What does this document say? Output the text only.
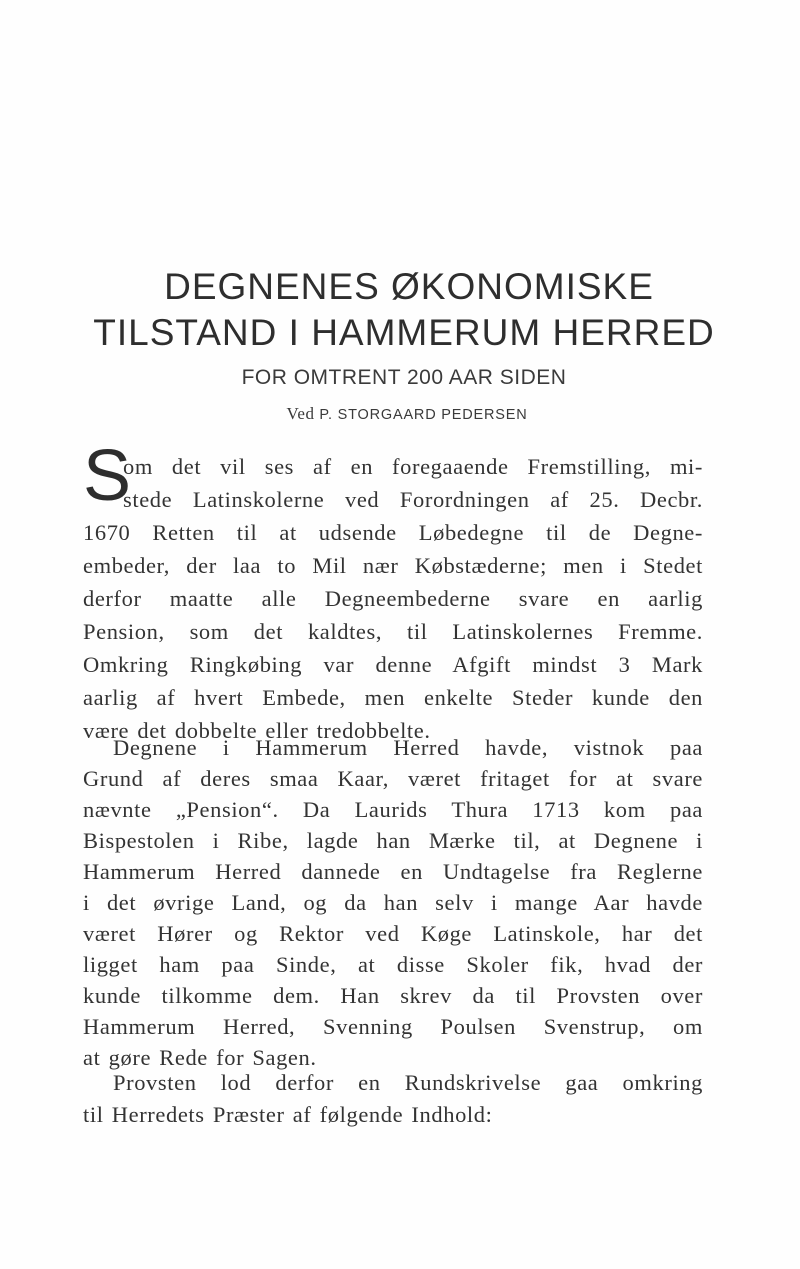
DEGNENES ØKONOMISKE
TILSTAND I HAMMERUM HERRED
FOR OMTRENT 200 AAR SIDEN
Ved P. STORGAARD PEDERSEN
S
om det vil ses af en foregaaende Fremstilling, mi-
stede Latinskolerne ved Forordningen af 25. Decbr.
1670 Retten til at udsende Løbedegne til de Degne-
embeder, der laa to Mil nær Købstæderne; men i Stedet
derfor maatte alle Degneembederne svare en aarlig
Pension, som det kaldtes, til Latinskolernes Fremme.
Omkring Ringkøbing var denne Afgift mindst 3 Mark
aarlig af hvert Embede, men enkelte Steder kunde den
være det dobbelte eller tredobbelte.
Degnene i Hammerum Herred havde, vistnok paa
Grund af deres smaa Kaar, været fritaget for at svare
nævnte „Pension“. Da Laurids Thura 1713 kom paa
Bispestolen i Ribe, lagde han Mærke til, at Degnene i
Hammerum Herred dannede en Undtagelse fra Reglerne
i det øvrige Land, og da han selv i mange Aar havde
været Hører og Rektor ved Køge Latinskole, har det
ligget ham paa Sinde, at disse Skoler fik, hvad der
kunde tilkomme dem. Han skrev da til Provsten over
Hammerum Herred, Svenning Poulsen Svenstrup, om
at gøre Rede for Sagen.
Provsten lod derfor en Rundskrivelse gaa omkring
til Herredets Præster af følgende Indhold:
